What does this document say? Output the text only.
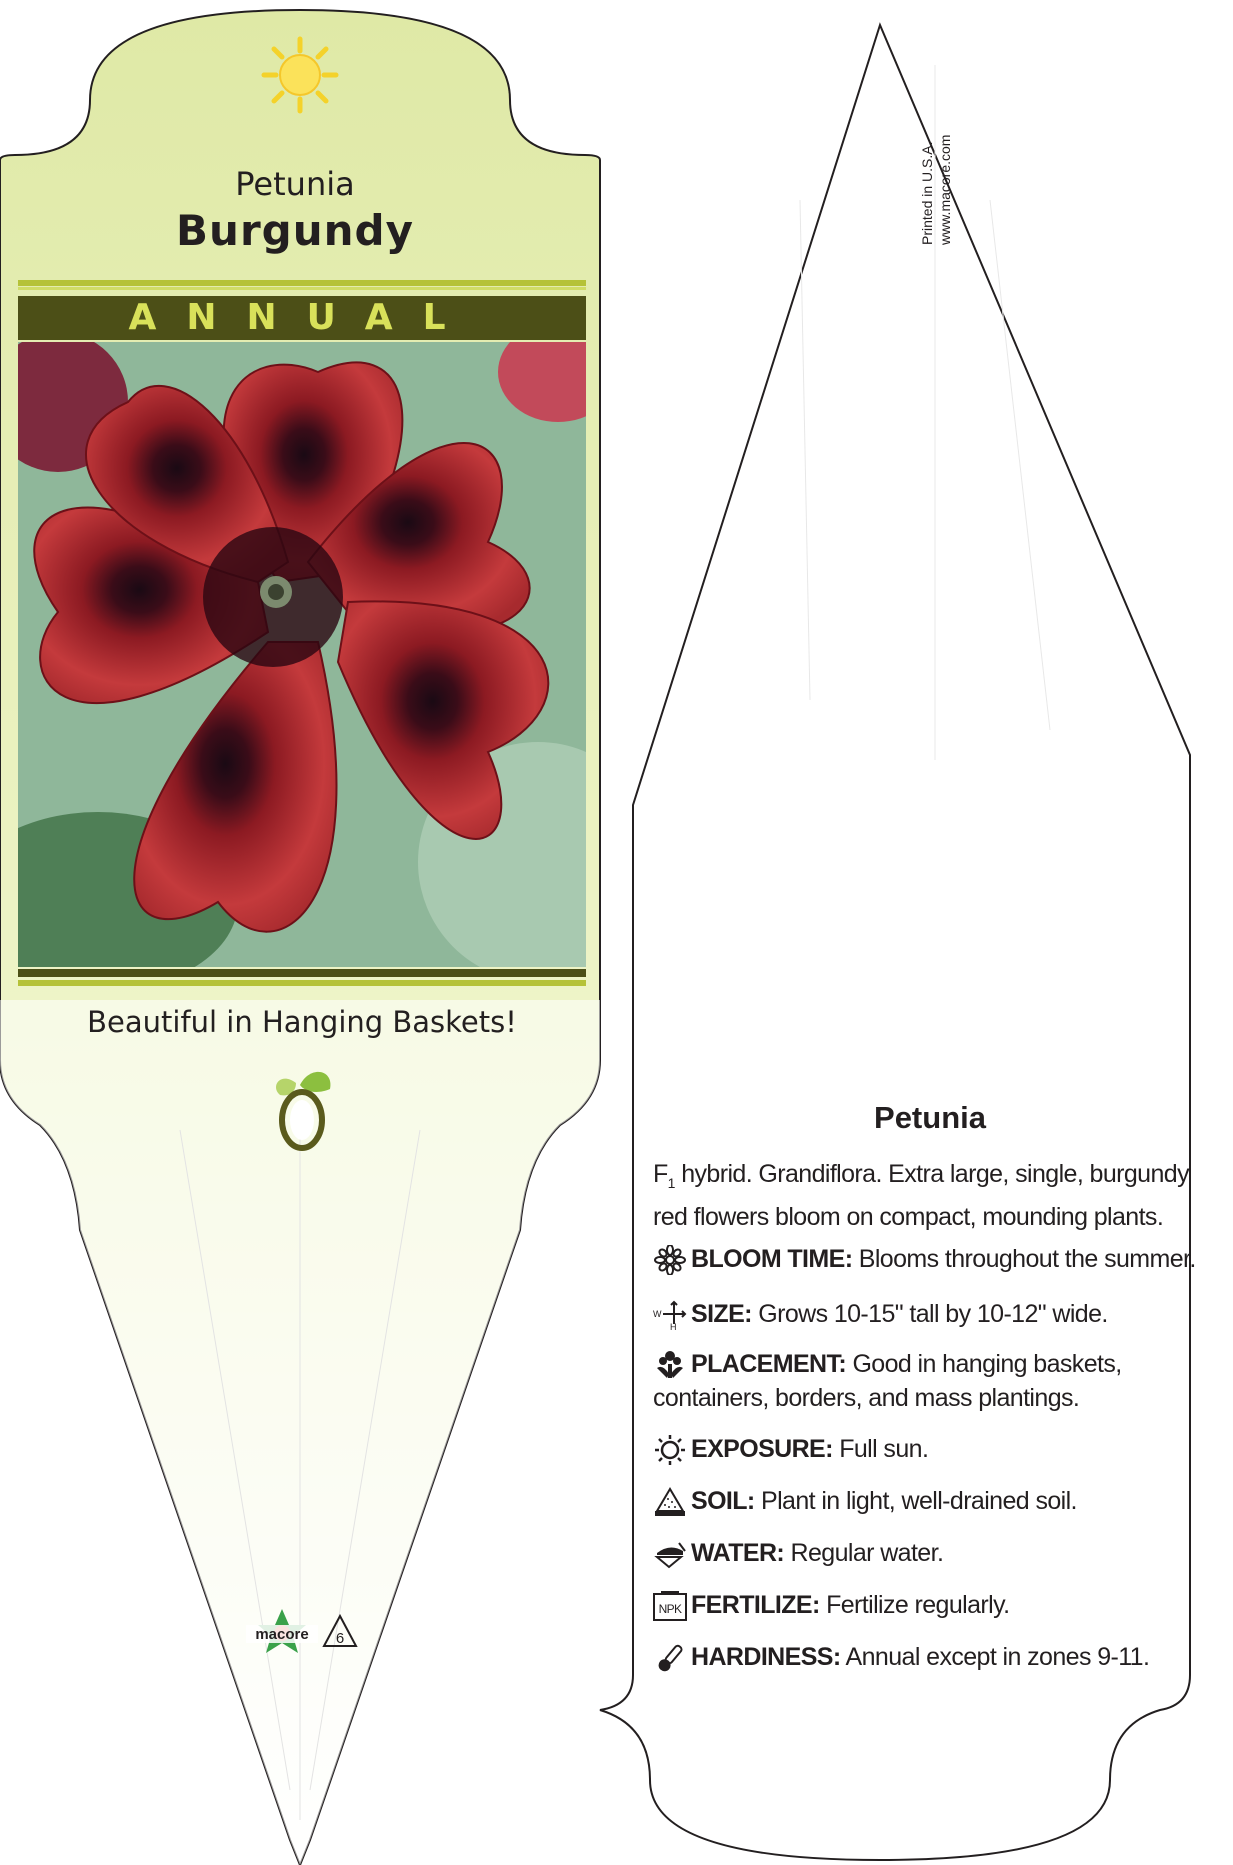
Petunia
Burgundy
ANNUAL
Beautiful in Hanging Baskets!
macore 6
Printed in U.S.A. www.macore.com
Petunia
$F_1$ hybrid. Grandiflora. Extra large, single, burgundy red flowers bloom on compact, mounding plants.
BLOOM TIME: Blooms throughout the summer.
W
H SIZE: Grows 10-15" tall by 10-12" wide.
PLACEMENT: Good in hanging baskets, containers, borders, and mass plantings.
EXPOSURE: Full sun.
SOIL: Plant in light, well-drained soil.
WATER: Regular water.
NPK FERTILIZE: Fertilize regularly.
HARDINESS: Annual except in zones 9-11.
